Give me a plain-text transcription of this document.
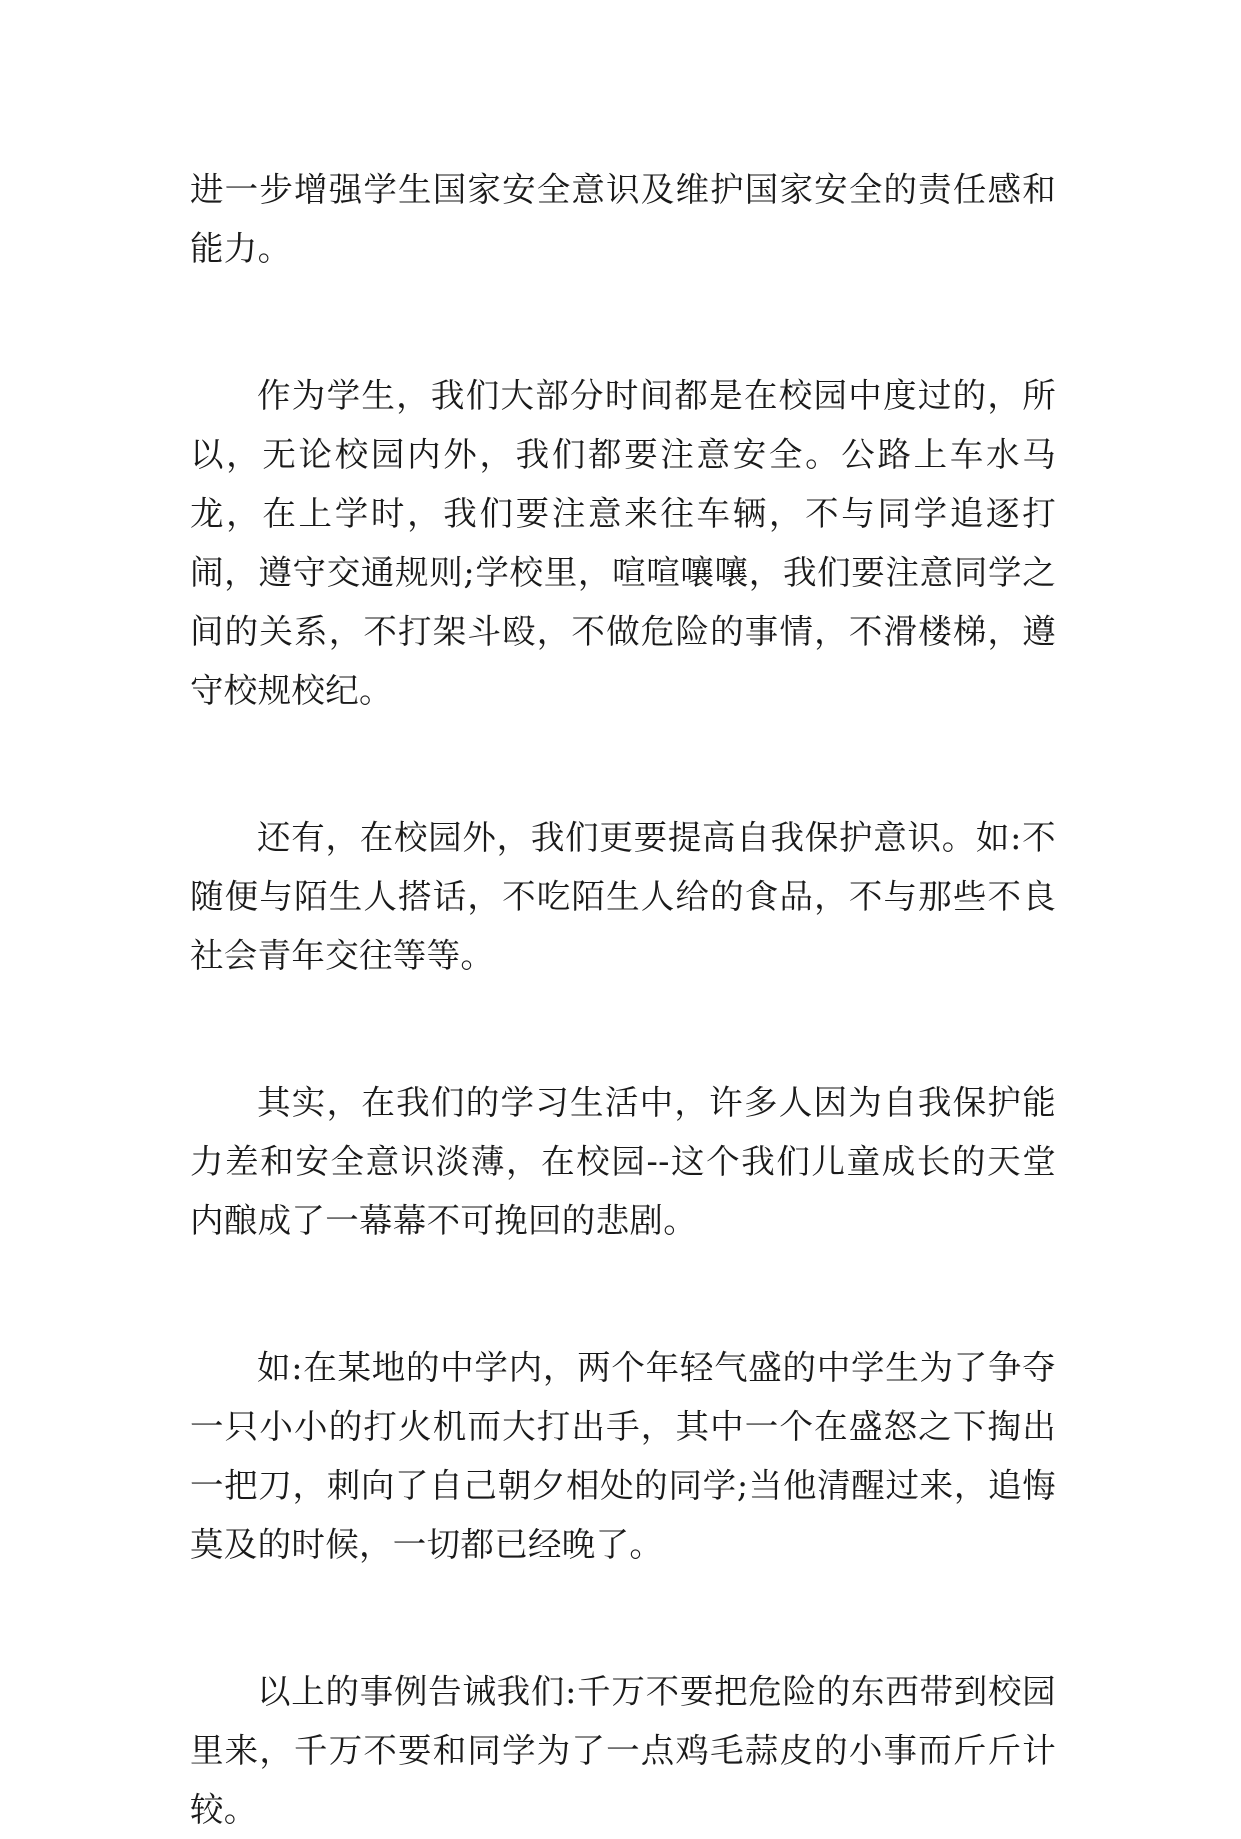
进一步增强学生国家安全意识及维护国家安全的责任感和能力。

作为学生，我们大部分时间都是在校园中度过的，所以，无论校园内外，我们都要注意安全。公路上车水马龙，在上学时，我们要注意来往车辆，不与同学追逐打闹，遵守交通规则;学校里，喧喧嚷嚷，我们要注意同学之间的关系，不打架斗殴，不做危险的事情，不滑楼梯，遵守校规校纪。

还有，在校园外，我们更要提高自我保护意识。如:不随便与陌生人搭话，不吃陌生人给的食品，不与那些不良社会青年交往等等。

其实，在我们的学习生活中，许多人因为自我保护能力差和安全意识淡薄，在校园--这个我们儿童成长的天堂内酿成了一幕幕不可挽回的悲剧。

如:在某地的中学内，两个年轻气盛的中学生为了争夺一只小小的打火机而大打出手，其中一个在盛怒之下掏出一把刀，刺向了自己朝夕相处的同学;当他清醒过来，追悔莫及的时候，一切都已经晚了。

以上的事例告诫我们:千万不要把危险的东西带到校园里来，千万不要和同学为了一点鸡毛蒜皮的小事而斤斤计较。
